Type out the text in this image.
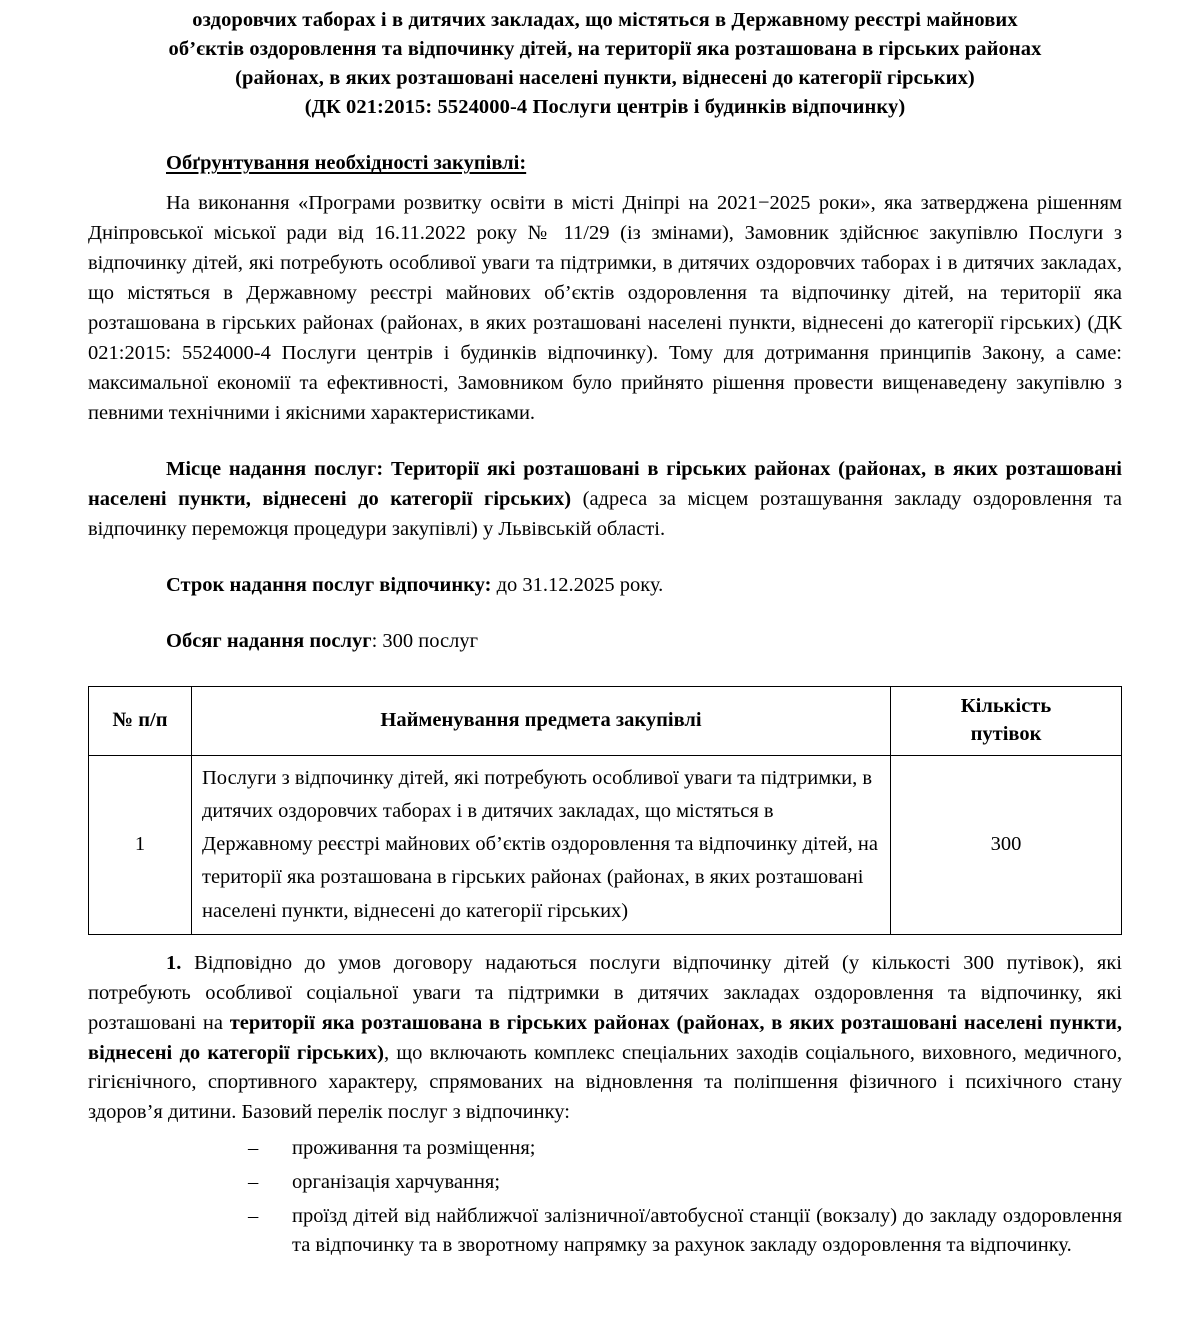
оздоровчих таборах і в дитячих закладах, що містяться в Державному реєстрі майнових
об’єктів оздоровлення та відпочинку дітей, на території яка розташована в гірських районах
(районах, в яких розташовані населені пункти, віднесені до категорії гірських)
(ДК 021:2015: 5524000-4 Послуги центрів і будинків відпочинку)
Обґрунтування необхідності закупівлі:

На виконання «Програми розвитку освіти в місті Дніпрі на 2021−2025 роки», яка затверджена рішенням Дніпровської міської ради від 16.11.2022 року № 11/29 (із змінами), Замовник здійснює закупівлю Послуги з відпочинку дітей, які потребують особливої уваги та підтримки, в дитячих оздоровчих таборах і в дитячих закладах, що містяться в Державному реєстрі майнових об’єктів оздоровлення та відпочинку дітей, на території яка розташована в гірських районах (районах, в яких розташовані населені пункти, віднесені до категорії гірських) (ДК 021:2015: 5524000-4 Послуги центрів і будинків відпочинку). Тому для дотримання принципів Закону, а саме: максимальної економії та ефективності, Замовником було прийнято рішення провести вищенаведену закупівлю з певними технічними і якісними характеристиками.

Місце надання послуг: Території які розташовані в гірських районах (районах, в яких розташовані населені пункти, віднесені до категорії гірських) (адреса за місцем розташування закладу оздоровлення та відпочинку переможця процедури закупівлі) у Львівській області.

Строк надання послуг відпочинку: до 31.12.2025 року.

Обсяг надання послуг: 300 послуг

№ п/п	Найменування предмета закупівлі	Кількість
путівок

1	Послуги з відпочинку дітей, які потребують особливої уваги та підтримки, в дитячих оздоровчих таборах і в дитячих закладах, що містяться в Державному реєстрі майнових об’єктів оздоровлення та відпочинку дітей, на території яка розташована в гірських районах (районах, в яких розташовані населені пункти, віднесені до категорії гірських)	300

1. Відповідно до умов договору надаються послуги відпочинку дітей (у кількості 300 путівок), які потребують особливої соціальної уваги та підтримки в дитячих закладах оздоровлення та відпочинку, які розташовані на території яка розташована в гірських районах (районах, в яких розташовані населені пункти, віднесені до категорії гірських), що включають комплекс спеціальних заходів соціального, виховного, медичного, гігієнічного, спортивного характеру, спрямованих на відновлення та поліпшення фізичного і психічного стану здоров’я дитини. Базовий перелік послуг з відпочинку:

– проживання та розміщення;
– організація харчування;
– проїзд дітей від найближчої залізничної/автобусної станції (вокзалу) до закладу оздоровлення та відпочинку та в зворотному напрямку за рахунок закладу оздоровлення та відпочинку.
